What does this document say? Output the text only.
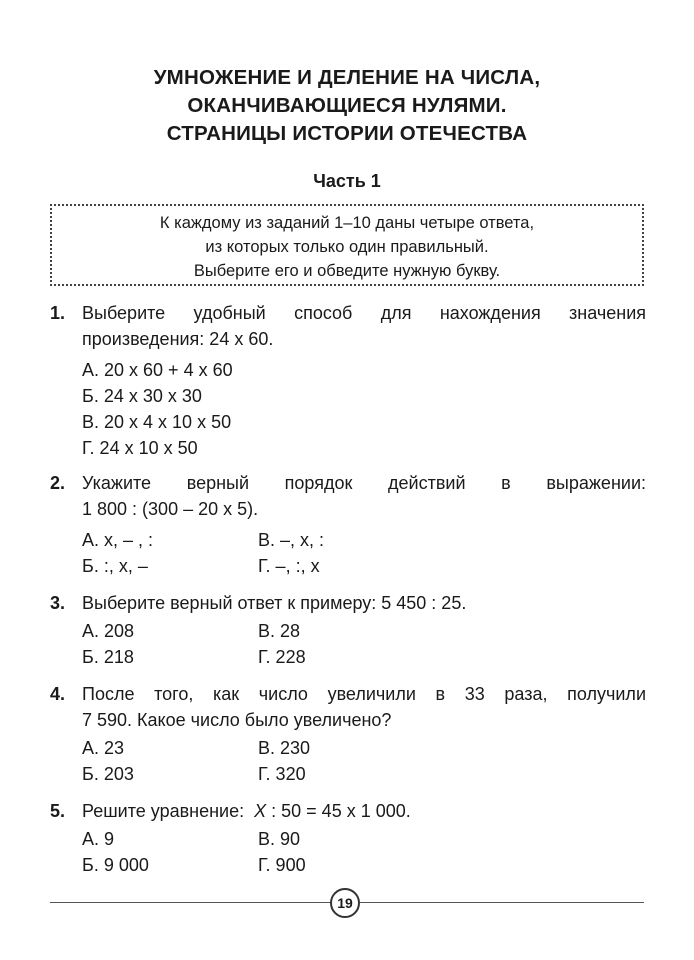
УМНОЖЕНИЕ И ДЕЛЕНИЕ НА ЧИСЛА,
ОКАНЧИВАЮЩИЕСЯ НУЛЯМИ.
СТРАНИЦЫ ИСТОРИИ ОТЕЧЕСТВА
Часть 1
К каждому из заданий 1–10 даны четыре ответа,
из которых только один правильный.
Выберите его и обведите нужную букву.
1. Выберите удобный способ для нахождения значения
произведения: 24 х 60.
А. 20 х 60 + 4 х 60
Б. 24 х 30 х 30
В. 20 х 4 х 10 х 50
Г. 24 х 10 х 50
2. Укажите верный порядок действий в выражении:
1 800 : (300 – 20 х 5).
А. х, – , :	В. –, х, :
Б. :, х, –	Г. –, :, х
3. Выберите верный ответ к примеру: 5 450 : 25.
А. 208	В. 28
Б. 218	Г. 228
4. После того, как число увеличили в 33 раза, получили
7 590. Какое число было увеличено?
А. 23	В. 230
Б. 203	Г. 320
5. Решите уравнение:  Х : 50 = 45 х 1 000.
А. 9	В. 90
Б. 9 000	Г. 900
19
